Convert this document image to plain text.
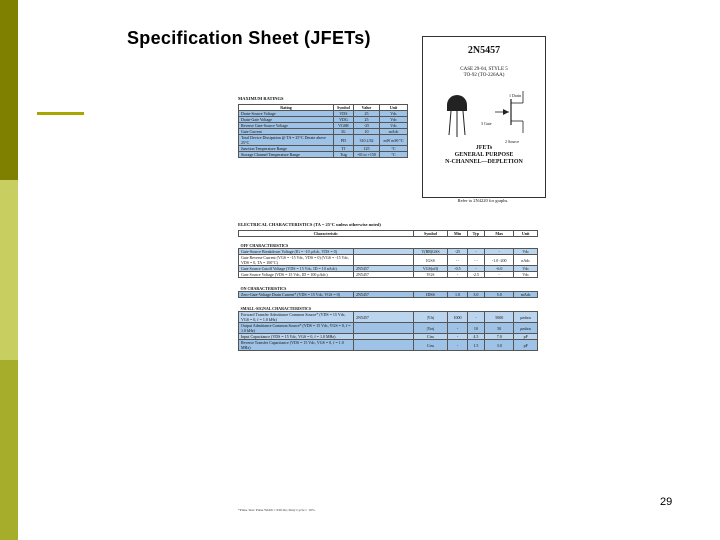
Specification Sheet (JFETs)
2N5457
CASE 29-04, STYLE 5
TO-92 (TO-226AA)
1 Drain
3 Gate
2 Source
JFETs
GENERAL PURPOSE
N-CHANNEL—DEPLETION
Refer to 2N4220 for graphs.
MAXIMUM RATINGS
Rating	Symbol	Value	Unit
Drain-Source Voltage	VDS	25	Vdc
Drain-Gate Voltage	VDG	25	Vdc
Reverse Gate-Source Voltage	VGSR	-25	Vdc
Gate Current	IG	10	mAdc
Total Device Dissipation @ TA = 25°C Derate above 25°C	PD	310 2.82	mW mW/°C
Junction Temperature Range	TJ	125	°C
Storage Channel Temperature Range	Tstg	-65 to +150	°C
ELECTRICAL CHARACTERISTICS (TA = 25°C unless otherwise noted)
Characteristic		Symbol	Min	Typ	Max	Unit
OFF CHARACTERISTICS						
Gate-Source Breakdown Voltage (IG = -10 μAdc, VDS = 0)		V(BR)GSS	-25	-	-	Vdc
Gate Reverse Current (VGS = -15 Vdc, VDS = 0) (VGS = -15 Vdc, VDS = 0, TA = 100°C)		IGSS	- -	- -	-1.0 -200	nAdc
Gate Source Cutoff Voltage (VDS = 15 Vdc, ID = 10 nAdc)	2N5457	VGS(off)	-0.5	-	-6.0	Vdc
Gate Source Voltage (VDS = 15 Vdc, ID = 100 μAdc)	2N5457	VGS	-	-2.5	-	Vdc
ON CHARACTERISTICS						
Zero-Gate-Voltage Drain Current* (VDS = 15 Vdc, VGS = 0)	2N5457	IDSS	1.0	3.0	5.0	mAdc
SMALL-SIGNAL CHARACTERISTICS						
Forward Transfer Admittance Common Source* (VDS = 15 Vdc, VGS = 0, f = 1.0 kHz)	2N5457	|Yfs|	1000	-	5000	μmhos
Output Admittance Common Source* (VDS = 15 Vdc, VGS = 0, f = 1.0 kHz)		|Yos|	-	10	50	μmhos
Input Capacitance (VDS = 15 Vdc, VGS = 0, f = 1.0 MHz)		Ciss	-	4.5	7.0	pF
Reverse Transfer Capacitance (VDS = 15 Vdc, VGS = 0, f = 1.0 MHz)		Crss	-	1.5	3.0	pF
*Pulse Test: Pulse Width ≤ 630 ms; Duty Cycle ≤ 10%.
29
